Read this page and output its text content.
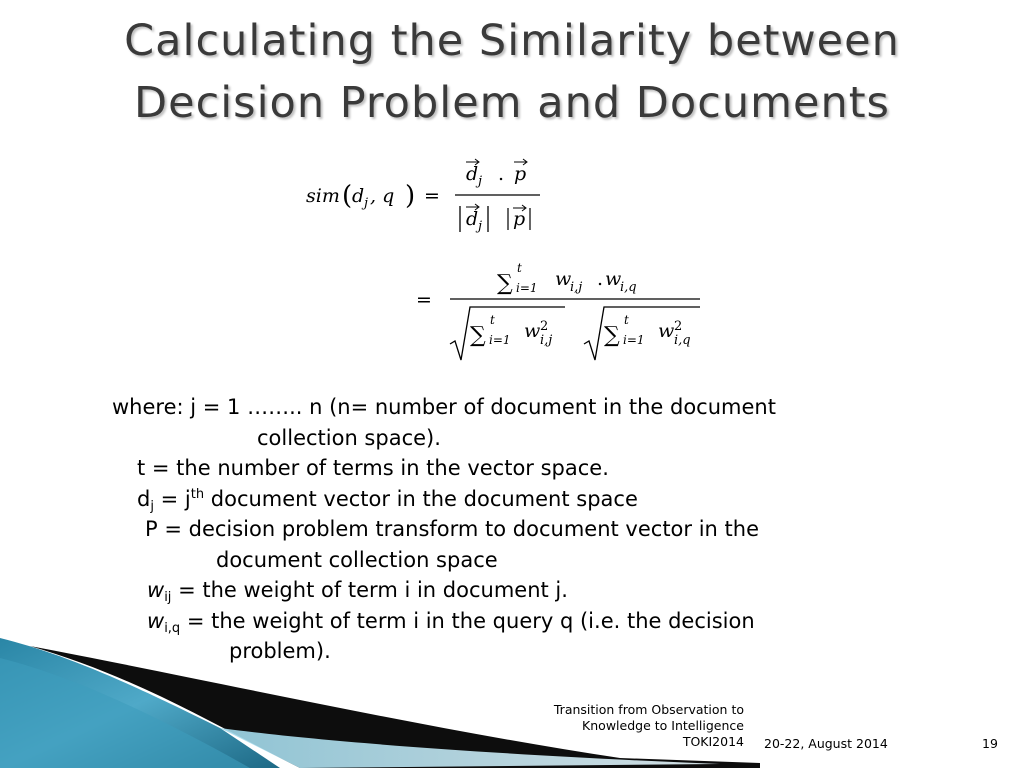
Calculating the Similarity between
Decision Problem and Documents
sim ( d j , q ) =
d j . p
d j p
=
∑
t
i=1 w
i,j . w
i,q
∑
t
i=1 w 2
i,j ∑
t
i=1 w 2
i,q
where: j = 1 …….. n (n= number of document in the document
collection space).
t = the number of terms in the vector space.
$d_j = j^{th}$ document vector in the document space
P = decision problem transform to document vector in the
document collection space
$w_{ij}$ = the weight of term i in document j.
$w_{i,q}$ = the weight of term i in the query q (i.e. the decision
problem).
Transition from Observation to
Knowledge to Intelligence
TOKI2014 20-22, August 2014	19
